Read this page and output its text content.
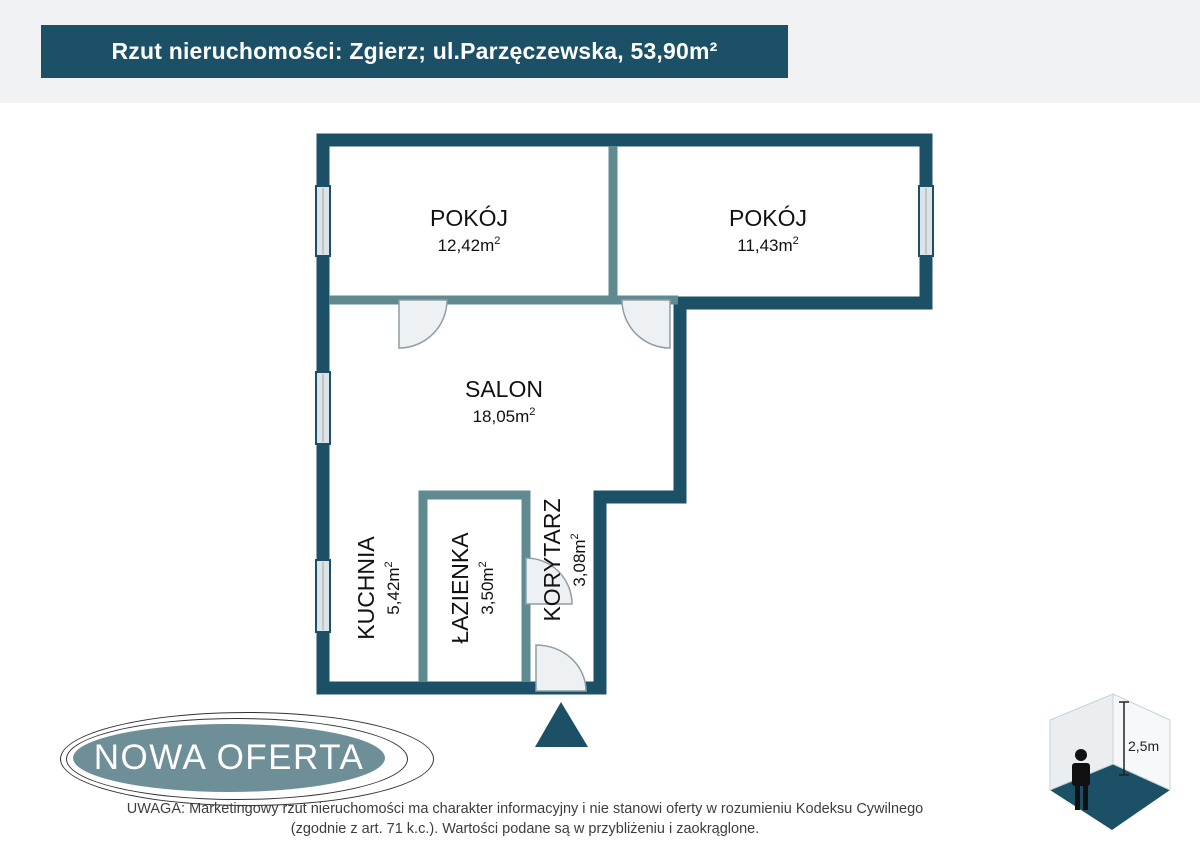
Rzut nieruchomości: Zgierz; ul.Parzęczewska, 53,90m²
POKÓJ
$12,42m^2$
POKÓJ
$11,43m^2$
SALON
$18,05m^2$
KUCHNIA $5,42m^2$	ŁAZIENKA $3,50m^2$	KORYTARZ $3,08m^2$
2,5m
NOWA OFERTA
UWAGA: Marketingowy rzut nieruchomości ma charakter informacyjny i nie stanowi oferty w rozumieniu Kodeksu Cywilnego
(zgodnie z art. 71 k.c.). Wartości podane są w przybliżeniu i zaokrąglone.
